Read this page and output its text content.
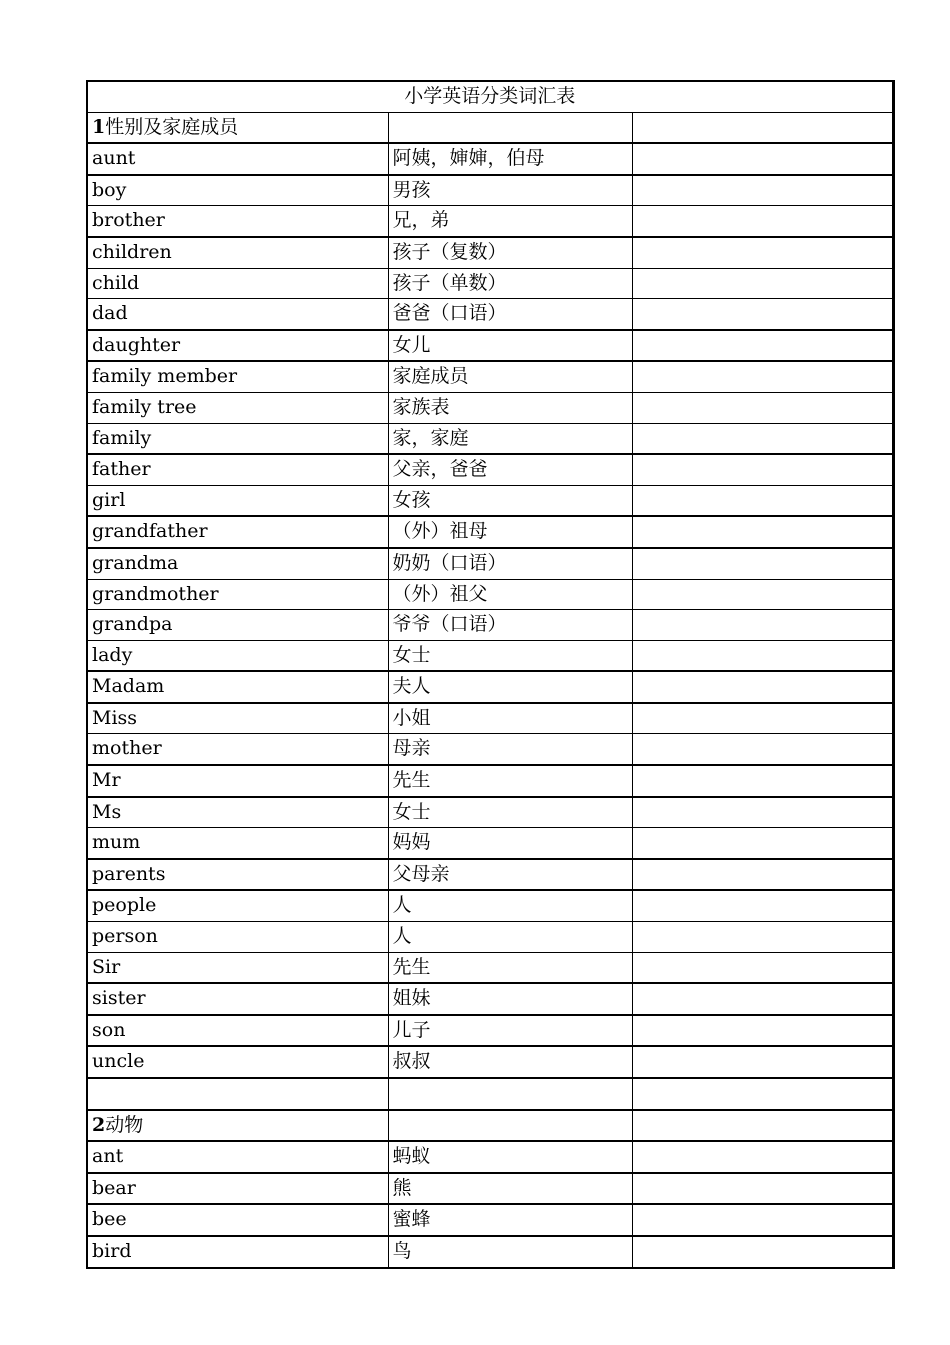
小学英语分类词汇表		
1性别及家庭成员		
aunt	阿姨，婶婶，伯母	
boy	男孩	
brother	兄，弟	
children	孩子（复数）	
child	孩子（单数）	
dad	爸爸（口语）	
daughter	女儿	
family member	家庭成员	
family tree	家族表	
family	家，家庭	
father	父亲，爸爸	
girl	女孩	
grandfather	（外）祖母	
grandma	奶奶（口语）	
grandmother	（外）祖父	
grandpa	爷爷（口语）	
lady	女士	
Madam	夫人	
Miss	小姐	
mother	母亲	
Mr	先生	
Ms	女士	
mum	妈妈	
parents	父母亲	
people	人	
person	人	
Sir	先生	
sister	姐妹	
son	儿子	
uncle	叔叔	

2动物		
ant	蚂蚁	
bear	熊	
bee	蜜蜂	
bird	鸟	
